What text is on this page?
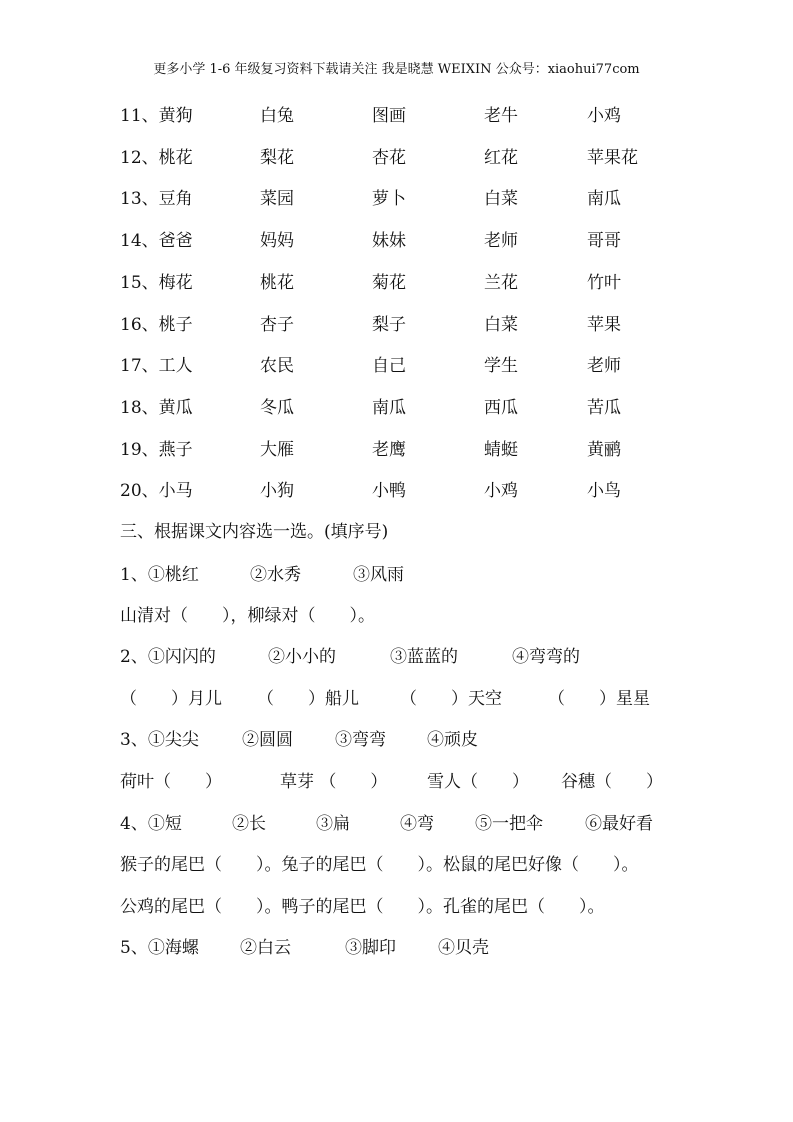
更多小学 1-6 年级复习资料下载请关注 我是晓慧 WEIXIN 公众号：xiaohui77com
11、黄狗	白兔	图画	老牛	小鸡
12、桃花	梨花	杏花	红花	苹果花
13、豆角	菜园	萝卜	白菜	南瓜
14、爸爸	妈妈	妹妹	老师	哥哥
15、梅花	桃花	菊花	兰花	竹叶
16、桃子	杏子	梨子	白菜	苹果
17、工人	农民	自己	学生	老师
18、黄瓜	冬瓜	南瓜	西瓜	苦瓜
19、燕子	大雁	老鹰	蜻蜓	黄鹂
20、小马	小狗	小鸭	小鸡	小鸟
三、根据课文内容选一选。(填序号)
1、①桃红	②水秀	③风雨
山清对（　　），柳绿对（　　）。
2、①闪闪的	②小小的	③蓝蓝的	④弯弯的
（　　）月儿 （　　）船儿 （　　）天空	（　　）星星
3、①尖尖	②圆圆 ③弯弯 ④顽皮
荷叶（　　）	草芽 （　　） 雪人（　　） 谷穗（　　）
4、①短	②长	③扁	④弯 ⑤一把伞 ⑥最好看
猴子的尾巴（　　）。兔子的尾巴（　　）。松鼠的尾巴好像（　　）。
公鸡的尾巴（　　）。鸭子的尾巴（　　）。孔雀的尾巴（　　）。
5、①海螺 ②白云	③脚印 ④贝壳
